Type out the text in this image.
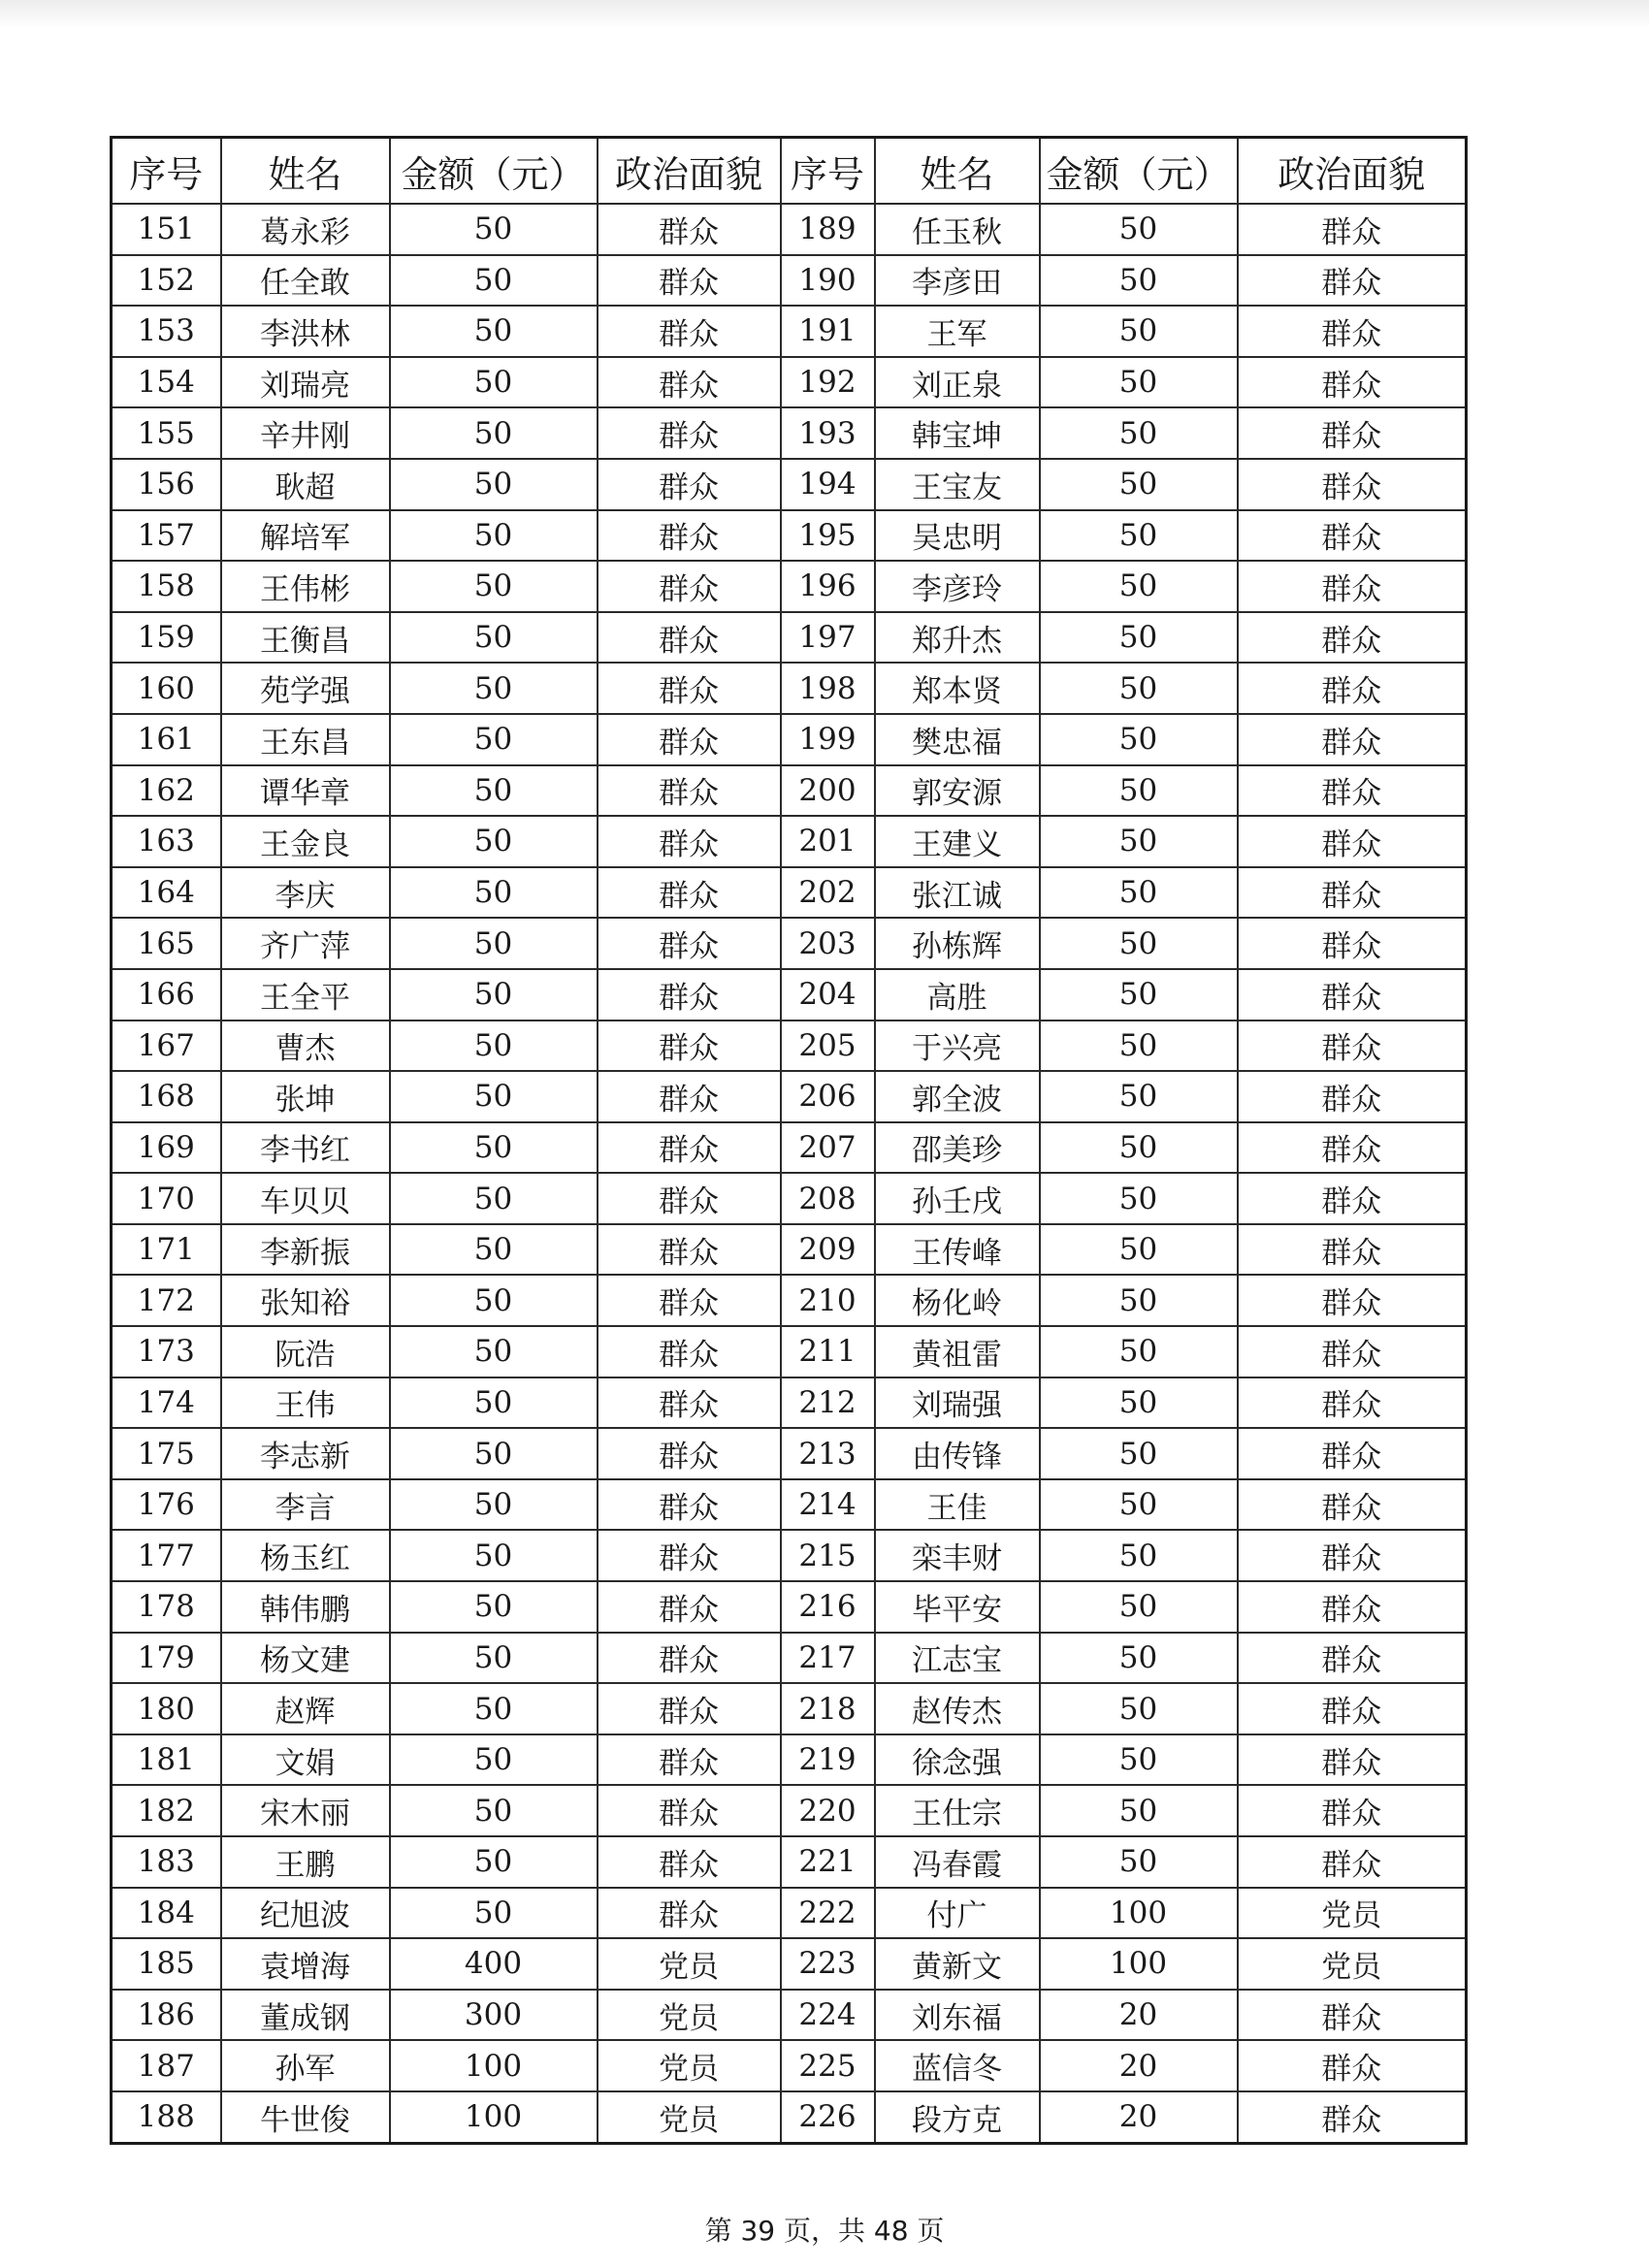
序号	姓名	金额（元）	政治面貌	序号	姓名	金额（元）	政治面貌
151	葛永彩	50	群众	189	任玉秋	50	群众
152	任全敢	50	群众	190	李彦田	50	群众
153	李洪林	50	群众	191	王军	50	群众
154	刘瑞亮	50	群众	192	刘正泉	50	群众
155	辛井刚	50	群众	193	韩宝坤	50	群众
156	耿超	50	群众	194	王宝友	50	群众
157	解培军	50	群众	195	吴忠明	50	群众
158	王伟彬	50	群众	196	李彦玲	50	群众
159	王衡昌	50	群众	197	郑升杰	50	群众
160	苑学强	50	群众	198	郑本贤	50	群众
161	王东昌	50	群众	199	樊忠福	50	群众
162	谭华章	50	群众	200	郭安源	50	群众
163	王金良	50	群众	201	王建义	50	群众
164	李庆	50	群众	202	张江诚	50	群众
165	齐广萍	50	群众	203	孙栋辉	50	群众
166	王全平	50	群众	204	高胜	50	群众
167	曹杰	50	群众	205	于兴亮	50	群众
168	张坤	50	群众	206	郭全波	50	群众
169	李书红	50	群众	207	邵美珍	50	群众
170	车贝贝	50	群众	208	孙壬戌	50	群众
171	李新振	50	群众	209	王传峰	50	群众
172	张知裕	50	群众	210	杨化岭	50	群众
173	阮浩	50	群众	211	黄祖雷	50	群众
174	王伟	50	群众	212	刘瑞强	50	群众
175	李志新	50	群众	213	由传锋	50	群众
176	李言	50	群众	214	王佳	50	群众
177	杨玉红	50	群众	215	栾丰财	50	群众
178	韩伟鹏	50	群众	216	毕平安	50	群众
179	杨文建	50	群众	217	江志宝	50	群众
180	赵辉	50	群众	218	赵传杰	50	群众
181	文娟	50	群众	219	徐念强	50	群众
182	宋木丽	50	群众	220	王仕宗	50	群众
183	王鹏	50	群众	221	冯春霞	50	群众
184	纪旭波	50	群众	222	付广	100	党员
185	袁增海	400	党员	223	黄新文	100	党员
186	董成钢	300	党员	224	刘东福	20	群众
187	孙军	100	党员	225	蓝信冬	20	群众
188	牛世俊	100	党员	226	段方克	20	群众
第 39 页，共 48 页
